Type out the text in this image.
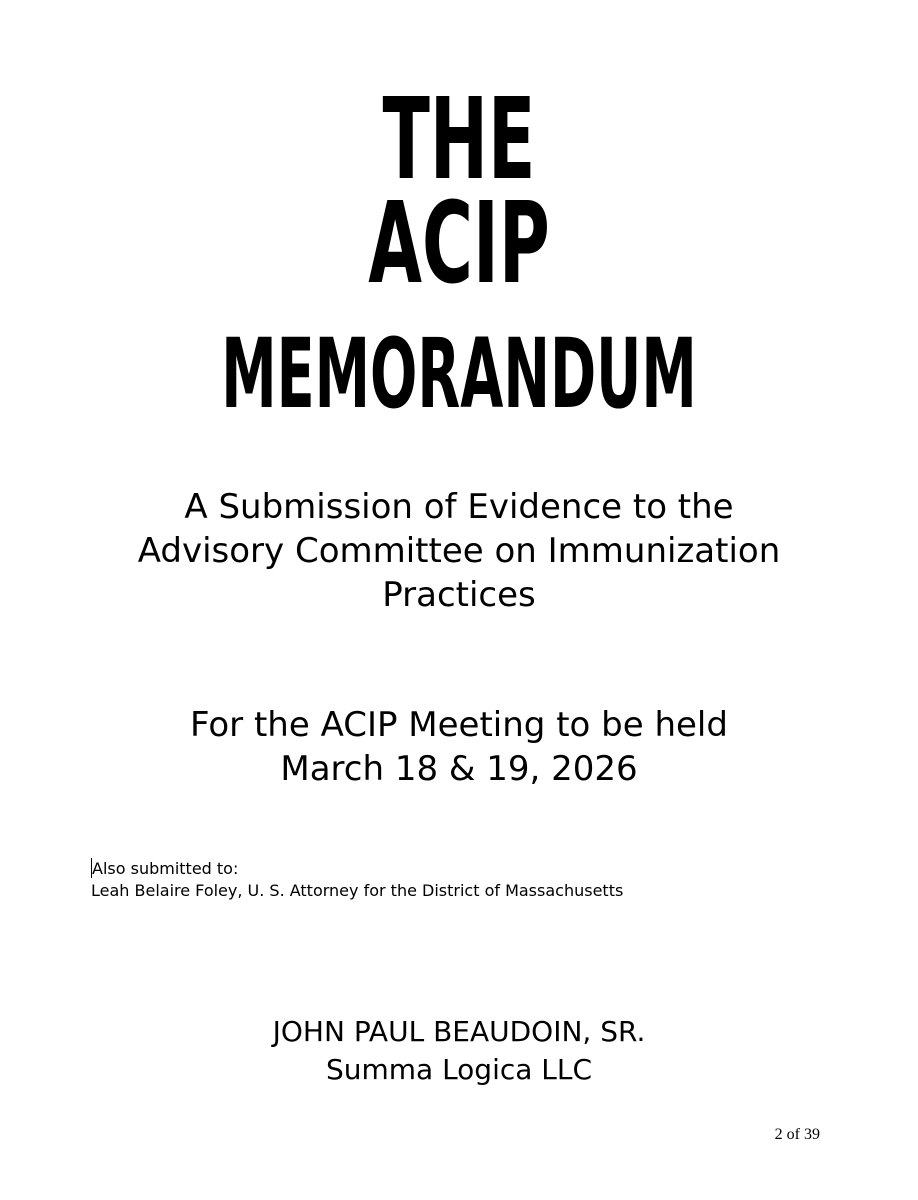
THE
ACIP
MEMORANDUM
A Submission of Evidence to the
Advisory Committee on Immunization
Practices
For the ACIP Meeting to be held
March 18 & 19, 2026
Also submitted to:
Leah Belaire Foley, U. S. Attorney for the District of Massachusetts
JOHN PAUL BEAUDOIN, SR.
Summa Logica LLC
2 of 39
